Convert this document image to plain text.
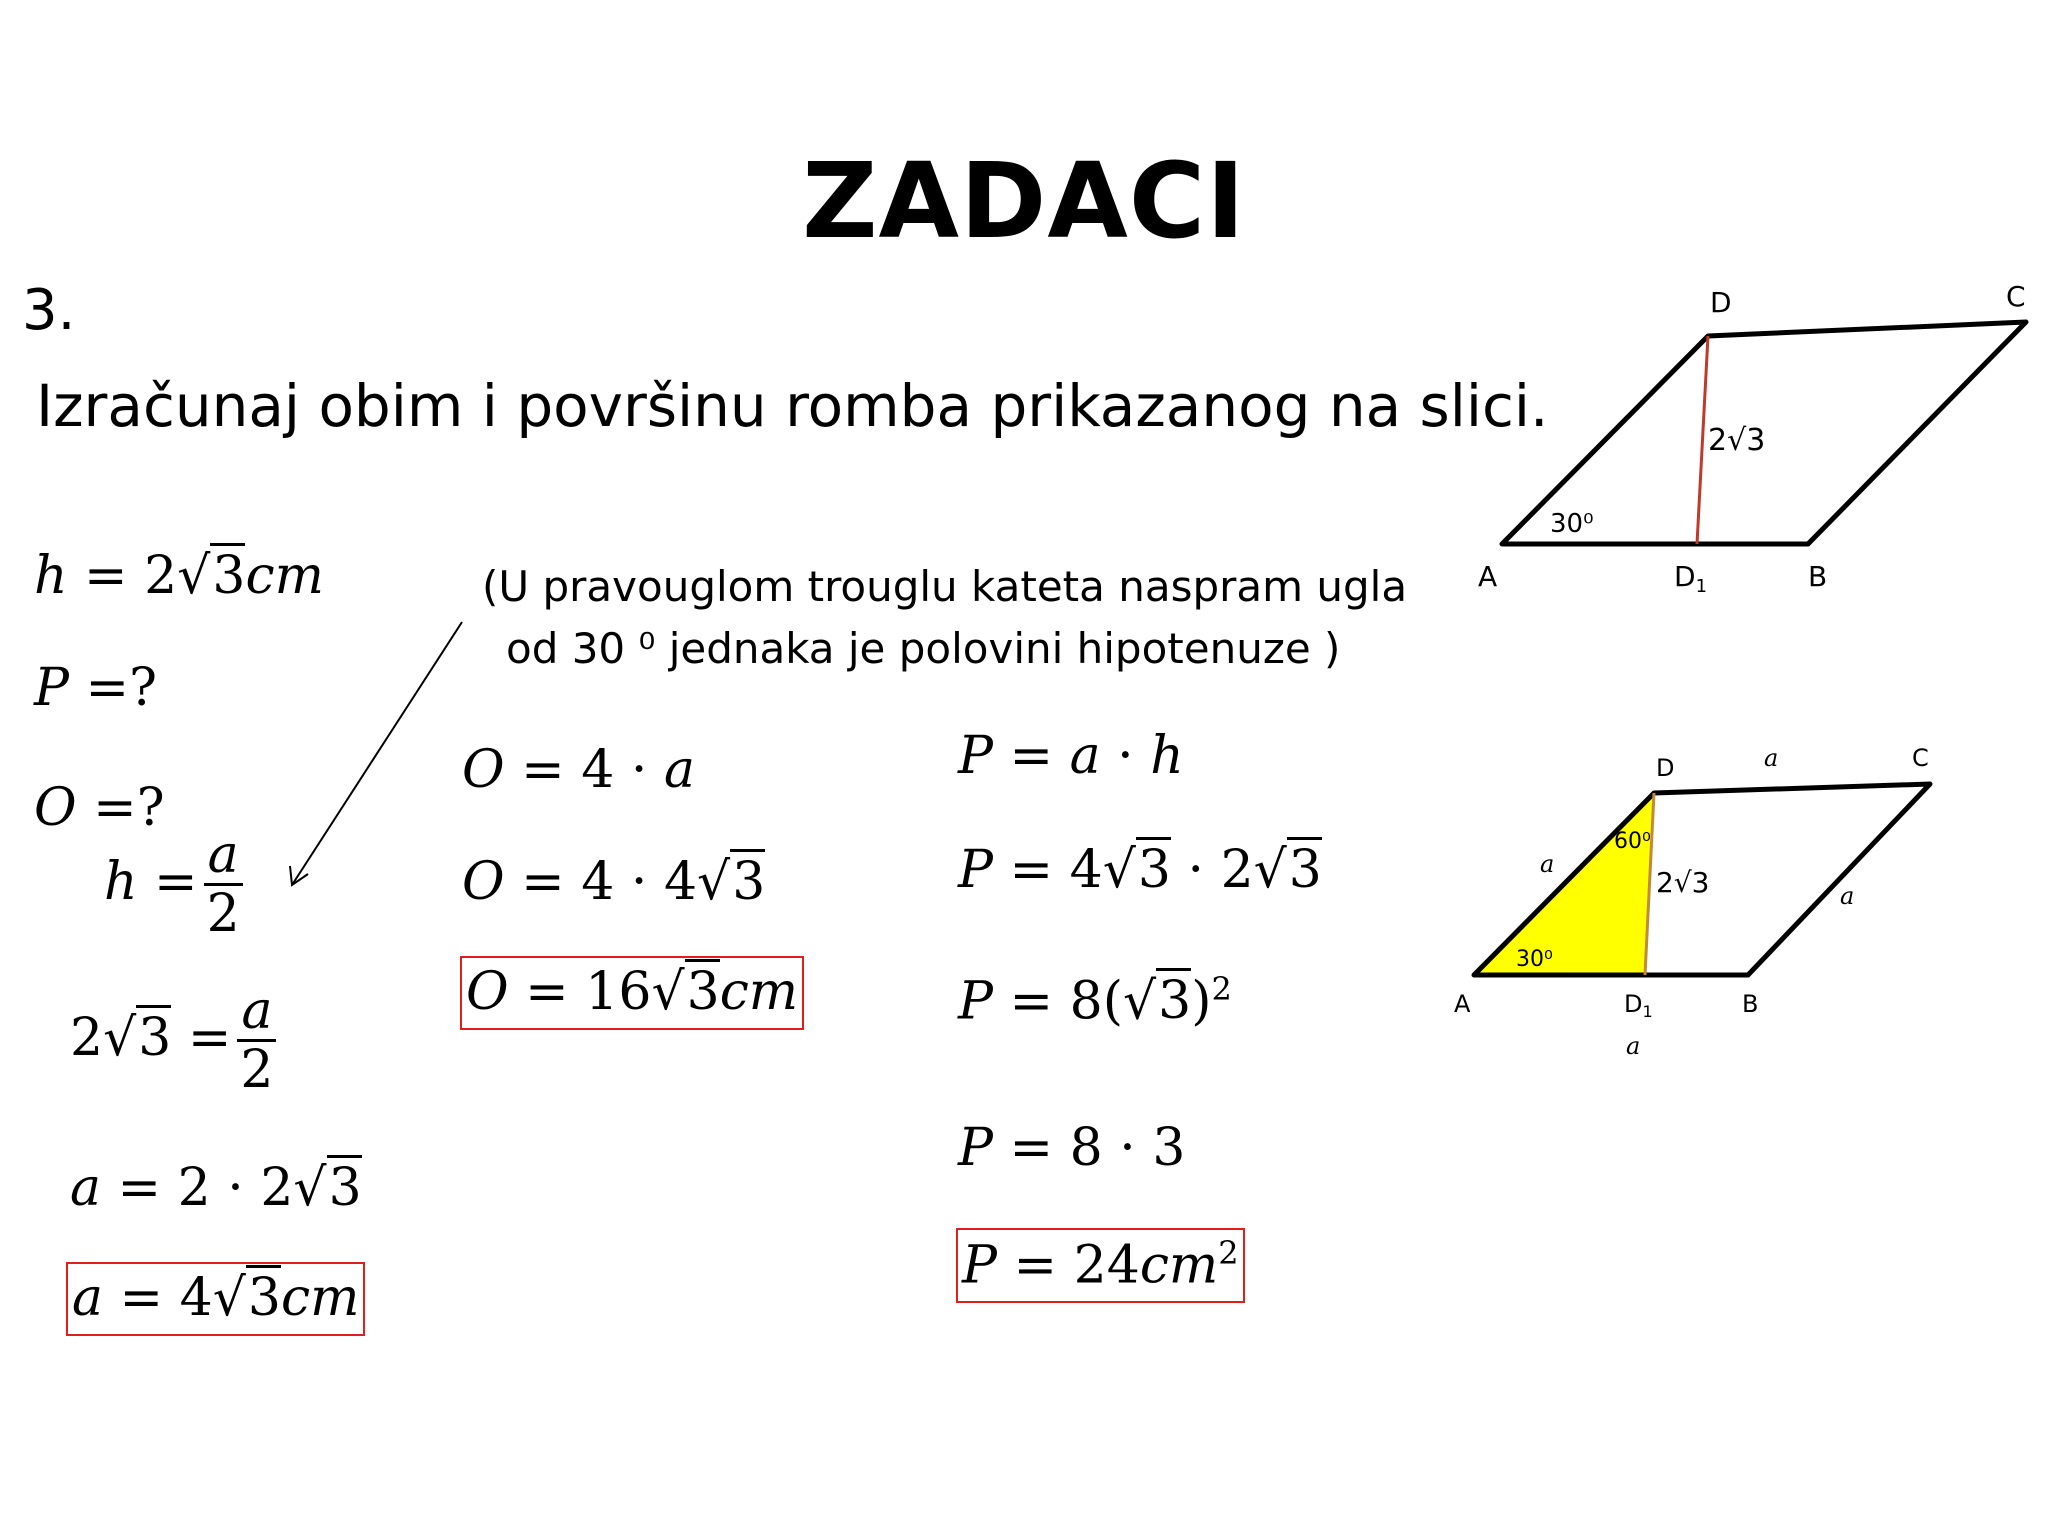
ZADACI
3.
Izračunaj obim i površinu romba prikazanog na slici.
(U pravouglom trouglu kateta naspram ugla
od 30 ⁰ jednaka je polovini hipotenuze )
h = 2√3cm
P =?
O =?
$h = \frac{a}{2}$
$2√3 = \frac{a}{2}$
a = 2 · 2√3
a = 4√3cm
O = 4 · a
O = 4 · 4√3
O = 16√3cm
P = a · h
P = 4√3 · 2√3
$P = 8(√3)^2$
P = 8 · 3
$P = 24cm^2$
D	C
A	B
$D_1$
30⁰
2√3
D	C
A	B
$D_1$
30⁰
60⁰
2√3
a
a
a
a
